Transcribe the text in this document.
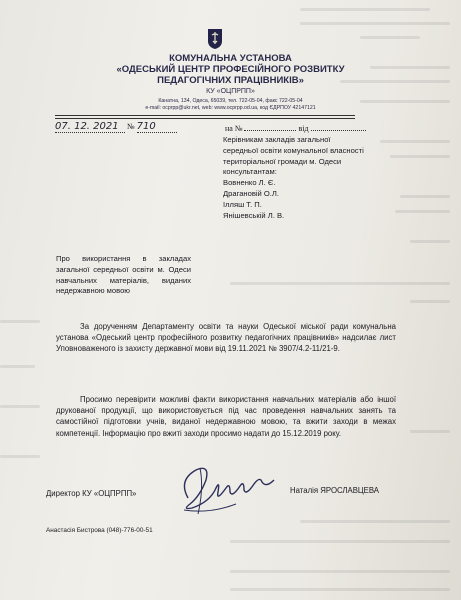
КОМУНАЛЬНА УСТАНОВА
«ОДЕСЬКИЙ ЦЕНТР ПРОФЕСІЙНОГО РОЗВИТКУ
ПЕДАГОГІЧНИХ ПРАЦІВНИКІВ»
КУ «ОЦПРПП»
Канатна, 134, Одеса, 65039, тел. 722-05-04, факс 722-05-04
e-mail: ocprpp@ukr.net, web: www.ocprpp.od.ua, код ЄДРПОУ 42147121
07. 12. 2021 № 710	на №	від
Керівникам закладів загальної
середньої освіти комунальної власності
територіальної громади м. Одеси
консультантам:
Вовненко Л. Є.
Драгановій О.Л.
Ілляш Т. П.
Янішевській Л. В.
Про використання в закладах загальної середньої освіти м. Одеси навчальних матеріалів, виданих недержавною мовою
За дорученням Департаменту освіти та науки Одеської міської ради комунальна установа «Одеський центр професійного розвитку педагогічних працівників» надсилає лист Уповноваженого із захисту державної мови від 19.11.2021 № 3907/4.2-11/21-9.
Просимо перевірити можливі факти використання навчальних матеріалів або іншої друкованої продукції, що використовується під час проведення навчальних занять та самостійної підготовки учнів, виданої недержавною мовою, та вжити заходи в межах компетенції. Інформацію про вжиті заходи просимо надати до 15.12.2019 року.
Директор КУ «ОЦПРПП»	Наталія ЯРОСЛАВЦЕВА
Анастасія Бистрова (048)-776-00-51
